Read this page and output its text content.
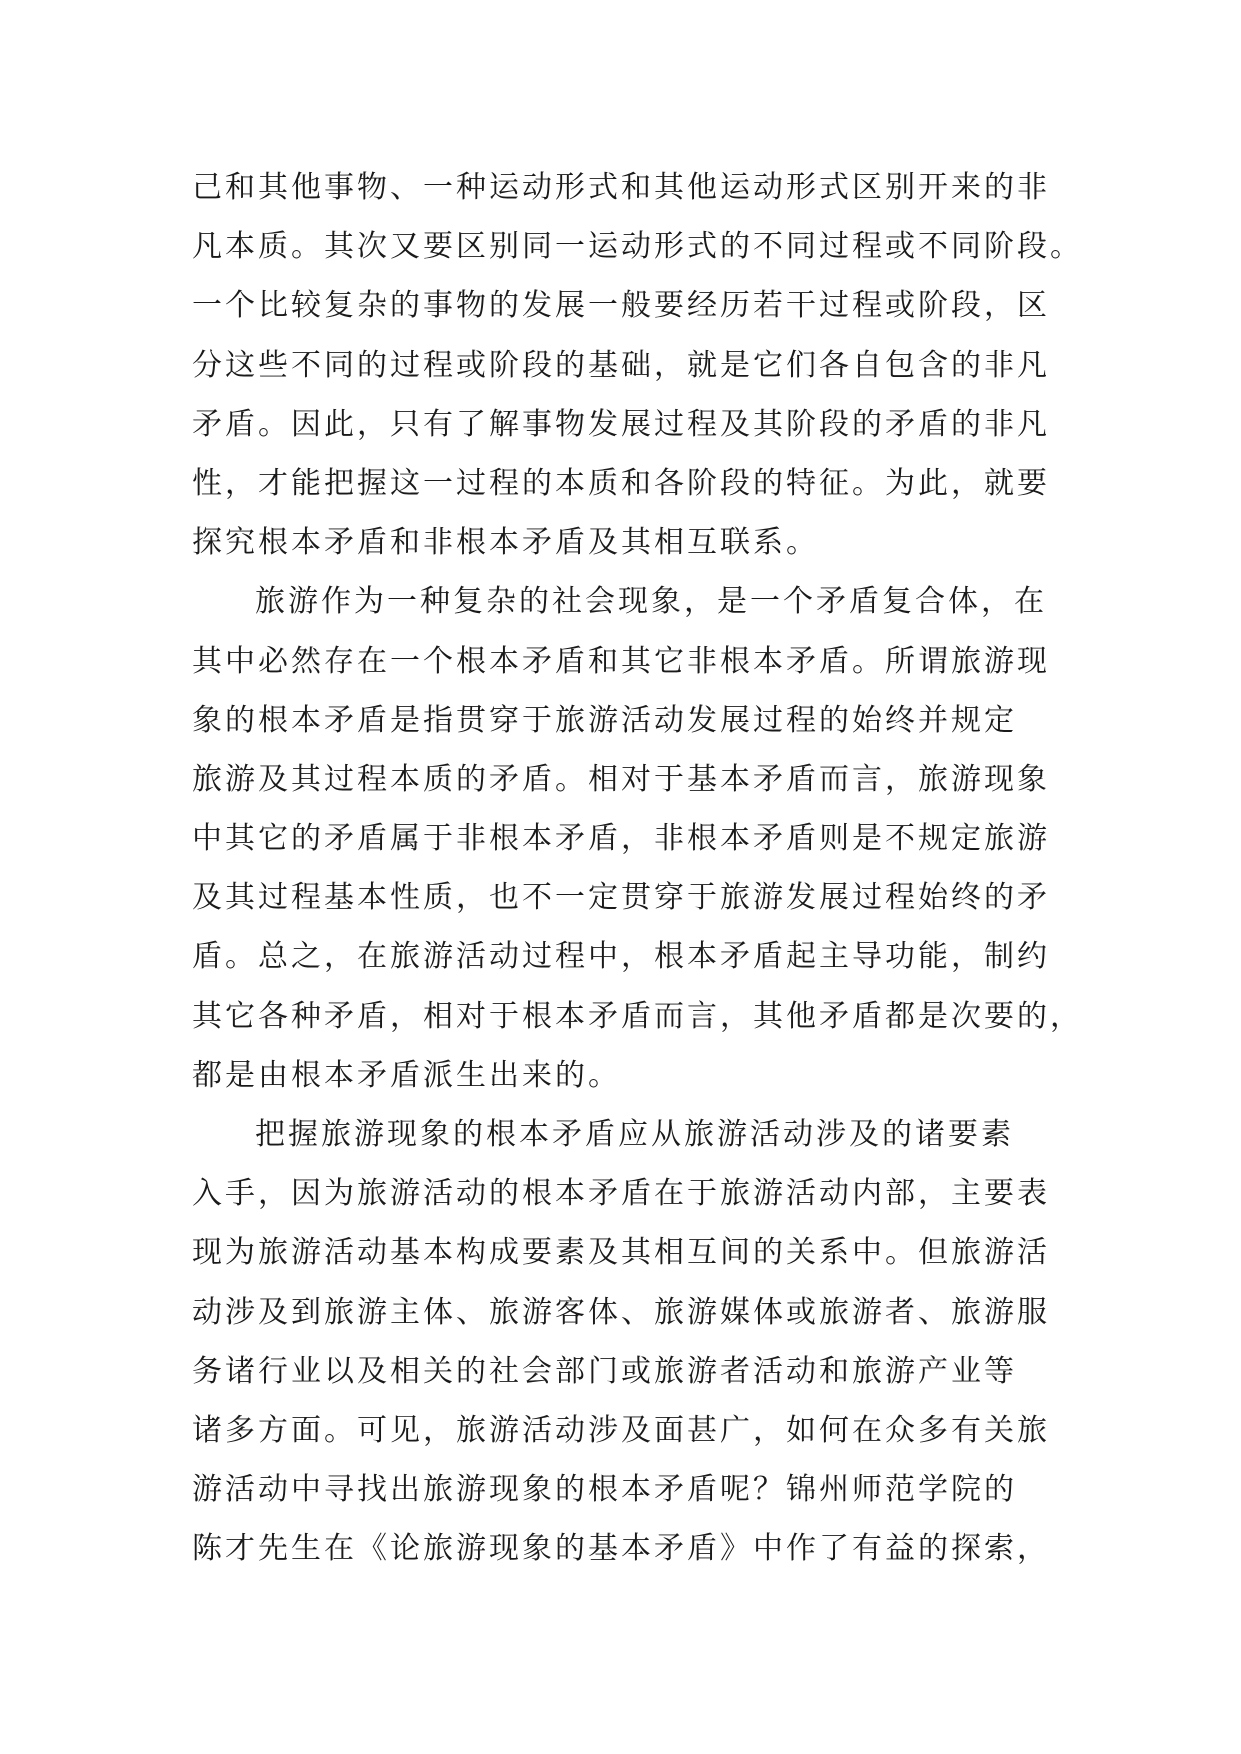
己和其他事物、一种运动形式和其他运动形式区别开来的非
凡本质。其次又要区别同一运动形式的不同过程或不同阶段。
一个比较复杂的事物的发展一般要经历若干过程或阶段，区
分这些不同的过程或阶段的基础，就是它们各自包含的非凡
矛盾。因此，只有了解事物发展过程及其阶段的矛盾的非凡
性，才能把握这一过程的本质和各阶段的特征。为此，就要
探究根本矛盾和非根本矛盾及其相互联系。
旅游作为一种复杂的社会现象，是一个矛盾复合体，在
其中必然存在一个根本矛盾和其它非根本矛盾。所谓旅游现
象的根本矛盾是指贯穿于旅游活动发展过程的始终并规定
旅游及其过程本质的矛盾。相对于基本矛盾而言，旅游现象
中其它的矛盾属于非根本矛盾，非根本矛盾则是不规定旅游
及其过程基本性质，也不一定贯穿于旅游发展过程始终的矛
盾。总之，在旅游活动过程中，根本矛盾起主导功能，制约
其它各种矛盾，相对于根本矛盾而言，其他矛盾都是次要的，
都是由根本矛盾派生出来的。
把握旅游现象的根本矛盾应从旅游活动涉及的诸要素
入手，因为旅游活动的根本矛盾在于旅游活动内部，主要表
现为旅游活动基本构成要素及其相互间的关系中。但旅游活
动涉及到旅游主体、旅游客体、旅游媒体或旅游者、旅游服
务诸行业以及相关的社会部门或旅游者活动和旅游产业等
诸多方面。可见，旅游活动涉及面甚广，如何在众多有关旅
游活动中寻找出旅游现象的根本矛盾呢？锦州师范学院的
陈才先生在《论旅游现象的基本矛盾》中作了有益的探索，
